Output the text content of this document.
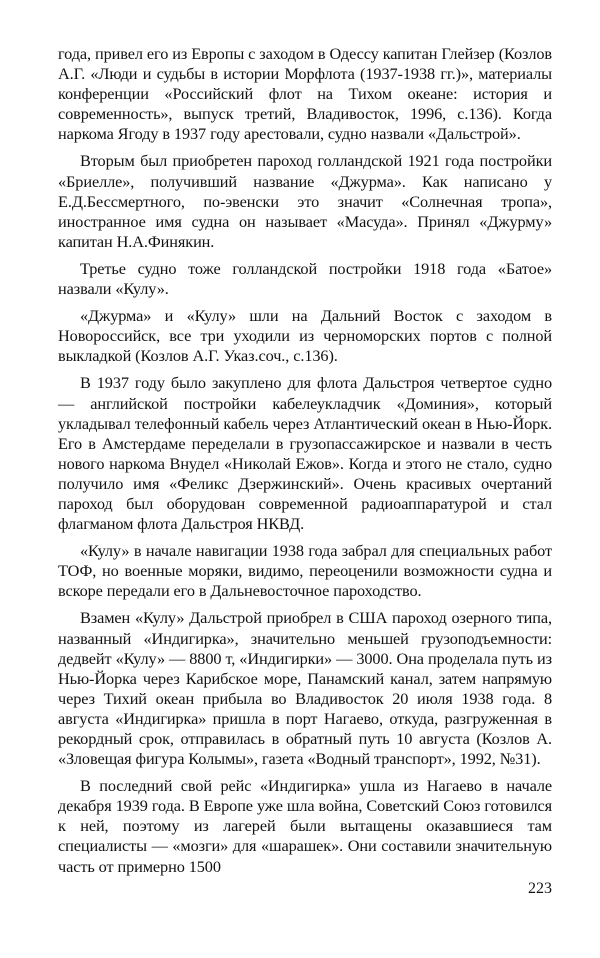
года, привел его из Европы с заходом в Одессу капитан Глейзер (Козлов А.Г. «Люди и судьбы в истории Морфлота (1937-1938 гг.)», материалы конференции «Российский флот на Тихом океане: история и современность», выпуск третий, Владивосток, 1996, с.136). Когда наркома Ягоду в 1937 году арестовали, судно назвали «Дальстрой».

Вторым был приобретен пароход голландской 1921 года постройки «Бриелле», получивший название «Джурма». Как написано у Е.Д.Бессмертного, по-эвенски это значит «Солнечная тропа», иностранное имя судна он называет «Масуда». Принял «Джурму» капитан Н.А.Финякин.

Третье судно тоже голландской постройки 1918 года «Батое» назвали «Кулу».

«Джурма» и «Кулу» шли на Дальний Восток с заходом в Новороссийск, все три уходили из черноморских портов с полной выкладкой (Козлов А.Г. Указ.соч., с.136).

В 1937 году было закуплено для флота Дальстроя четвертое судно — английской постройки кабелеукладчик «Доминия», который укладывал телефонный кабель через Атлантический океан в Нью-Йорк. Его в Амстердаме переделали в грузопассажирское и назвали в честь нового наркома Внудел «Николай Ежов». Когда и этого не стало, судно получило имя «Феликс Дзержинский». Очень красивых очертаний пароход был оборудован современной радиоаппаратурой и стал флагманом флота Дальстроя НКВД.

«Кулу» в начале навигации 1938 года забрал для специальных работ ТОФ, но военные моряки, видимо, переоценили возможности судна и вскоре передали его в Дальневосточное пароходство.

Взамен «Кулу» Дальстрой приобрел в США пароход озерного типа, названный «Индигирка», значительно меньшей грузоподъемности: дедвейт «Кулу» — 8800 т, «Индигирки» — 3000. Она проделала путь из Нью-Йорка через Карибское море, Панамский канал, затем напрямую через Тихий океан прибыла во Владивосток 20 июля 1938 года. 8 августа «Индигирка» пришла в порт Нагаево, откуда, разгруженная в рекордный срок, отправилась в обратный путь 10 августа (Козлов А. «Зловещая фигура Колымы», газета «Водный транспорт», 1992, №31).

В последний свой рейс «Индигирка» ушла из Нагаево в начале декабря 1939 года. В Европе уже шла война, Советский Союз готовился к ней, поэтому из лагерей были вытащены оказавшиеся там специалисты — «мозги» для «шарашек». Они составили значительную часть от примерно 1500

223
